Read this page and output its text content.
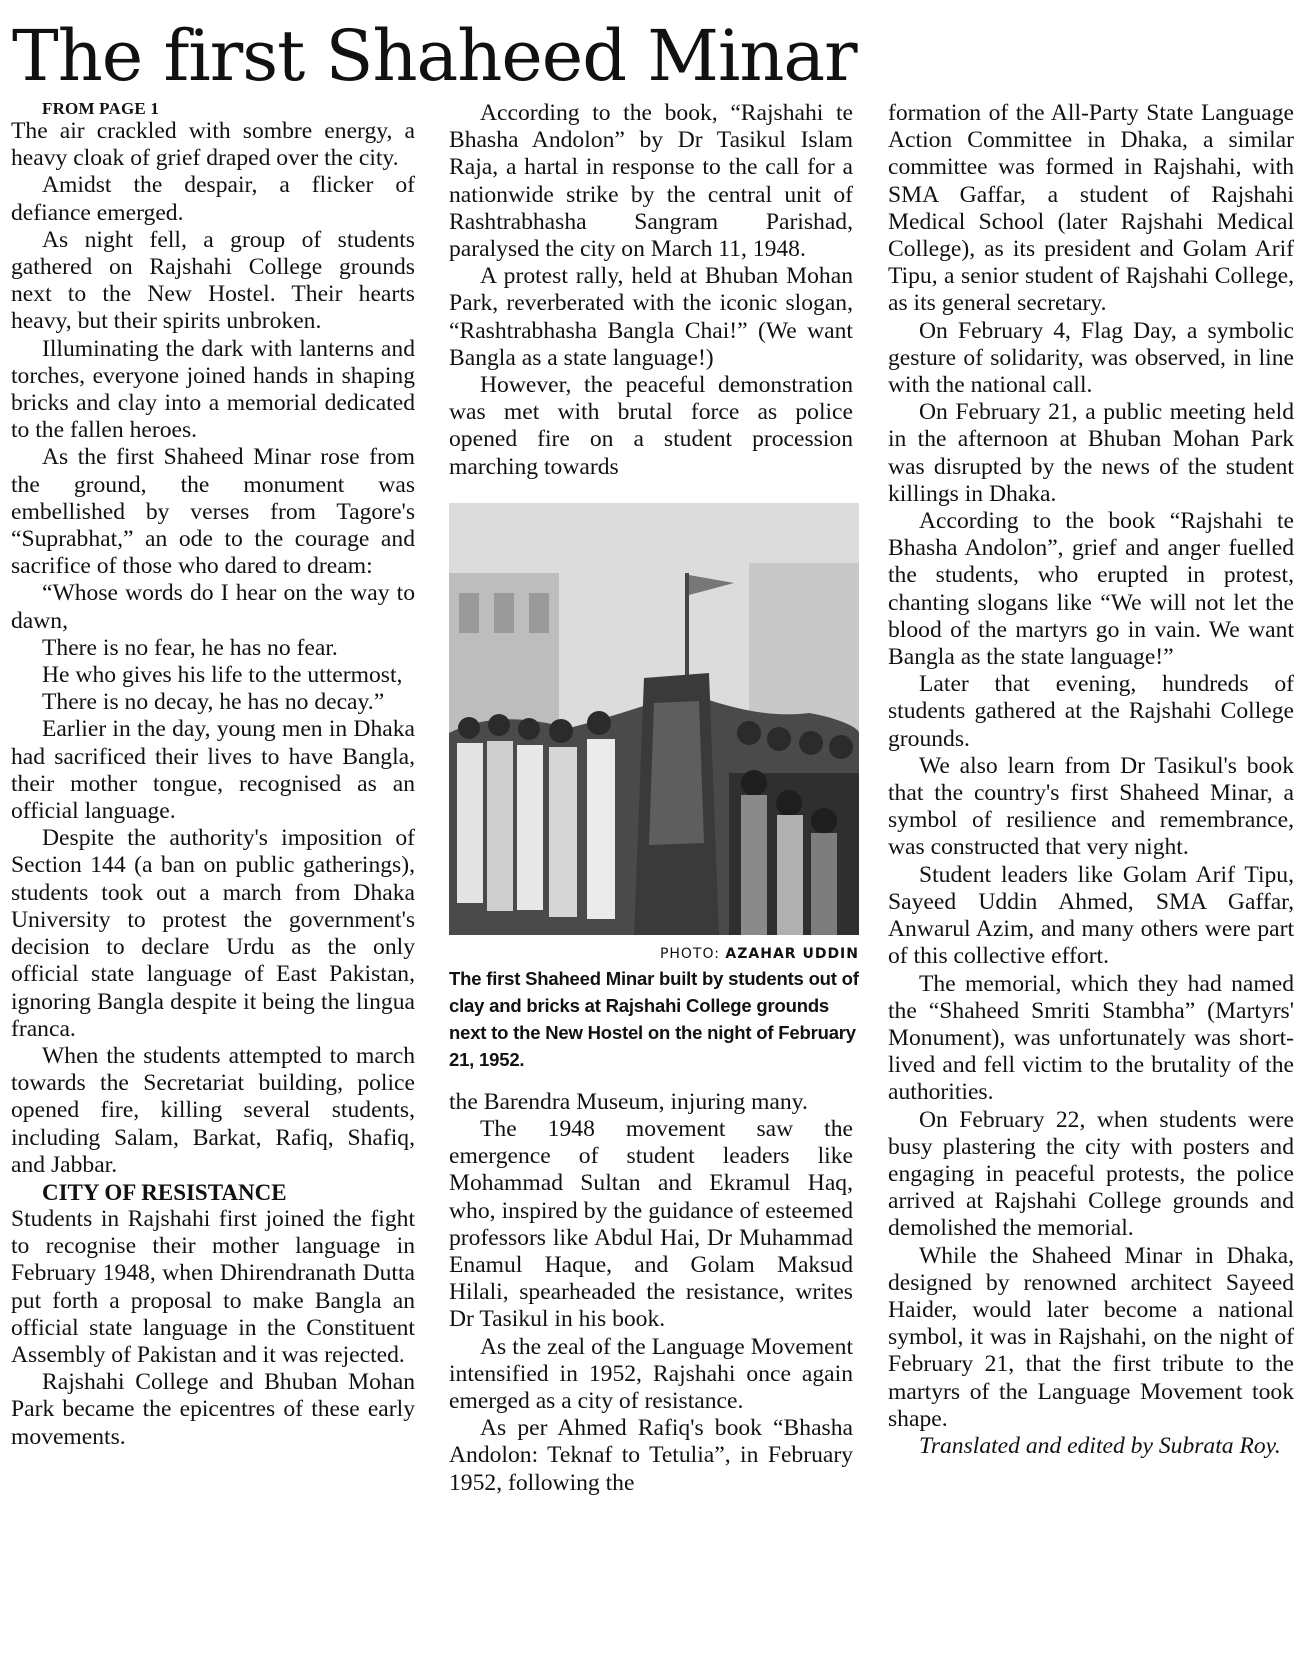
The first Shaheed Minar

FROM PAGE 1

The air crackled with sombre energy, a heavy cloak of grief draped over the city.

Amidst the despair, a flicker of defiance emerged.

As night fell, a group of students gathered on Rajshahi College grounds next to the New Hostel. Their hearts heavy, but their spirits unbroken.

Illuminating the dark with lanterns and torches, everyone joined hands in shaping bricks and clay into a memorial dedicated to the fallen heroes.

As the first Shaheed Minar rose from the ground, the monument was embellished by verses from Tagore's “Suprabhat,” an ode to the courage and sacrifice of those who dared to dream:

“Whose words do I hear on the way to dawn,

There is no fear, he has no fear.

He who gives his life to the uttermost,

There is no decay, he has no decay.”

Earlier in the day, young men in Dhaka had sacrificed their lives to have Bangla, their mother tongue, recognised as an official language.

Despite the authority's imposition of Section 144 (a ban on public gatherings), students took out a march from Dhaka University to protest the government's decision to declare Urdu as the only official state language of East Pakistan, ignoring Bangla despite it being the lingua franca.

When the students attempted to march towards the Secretariat building, police opened fire, killing several students, including Salam, Barkat, Rafiq, Shafiq, and Jabbar.

CITY OF RESISTANCE

Students in Rajshahi first joined the fight to recognise their mother language in February 1948, when Dhirendranath Dutta put forth a proposal to make Bangla an official state language in the Constituent Assembly of Pakistan and it was rejected.

Rajshahi College and Bhuban Mohan Park became the epicentres of these early movements.

According to the book, “Rajshahi te Bhasha Andolon” by Dr Tasikul Islam Raja, a hartal in response to the call for a nationwide strike by the central unit of Rashtrabhasha Sangram Parishad, paralysed the city on March 11, 1948.

A protest rally, held at Bhuban Mohan Park, reverberated with the iconic slogan, “Rashtrabhasha Bangla Chai!” (We want Bangla as a state language!)

However, the peaceful demonstration was met with brutal force as police opened fire on a student procession marching towards

PHOTO: AZAHAR UDDIN
The first Shaheed Minar built by students out of clay and bricks at Rajshahi College grounds next to the New Hostel on the night of February 21, 1952.

the Barendra Museum, injuring many.

The 1948 movement saw the emergence of student leaders like Mohammad Sultan and Ekramul Haq, who, inspired by the guidance of esteemed professors like Abdul Hai, Dr Muhammad Enamul Haque, and Golam Maksud Hilali, spearheaded the resistance, writes Dr Tasikul in his book.

As the zeal of the Language Movement intensified in 1952, Rajshahi once again emerged as a city of resistance.

As per Ahmed Rafiq's book “Bhasha Andolon: Teknaf to Tetulia”, in February 1952, following the

formation of the All-Party State Language Action Committee in Dhaka, a similar committee was formed in Rajshahi, with SMA Gaffar, a student of Rajshahi Medical School (later Rajshahi Medical College), as its president and Golam Arif Tipu, a senior student of Rajshahi College, as its general secretary.

On February 4, Flag Day, a symbolic gesture of solidarity, was observed, in line with the national call.

On February 21, a public meeting held in the afternoon at Bhuban Mohan Park was disrupted by the news of the student killings in Dhaka.

According to the book “Rajshahi te Bhasha Andolon”, grief and anger fuelled the students, who erupted in protest, chanting slogans like “We will not let the blood of the martyrs go in vain. We want Bangla as the state language!”

Later that evening, hundreds of students gathered at the Rajshahi College grounds.

We also learn from Dr Tasikul's book that the country's first Shaheed Minar, a symbol of resilience and remembrance, was constructed that very night.

Student leaders like Golam Arif Tipu, Sayeed Uddin Ahmed, SMA Gaffar, Anwarul Azim, and many others were part of this collective effort.

The memorial, which they had named the “Shaheed Smriti Stambha” (Martyrs' Monument), was unfortunately was short-lived and fell victim to the brutality of the authorities.

On February 22, when students were busy plastering the city with posters and engaging in peaceful protests, the police arrived at Rajshahi College grounds and demolished the memorial.

While the Shaheed Minar in Dhaka, designed by renowned architect Sayeed Haider, would later become a national symbol, it was in Rajshahi, on the night of February 21, that the first tribute to the martyrs of the Language Movement took shape.

Translated and edited by Subrata Roy.
